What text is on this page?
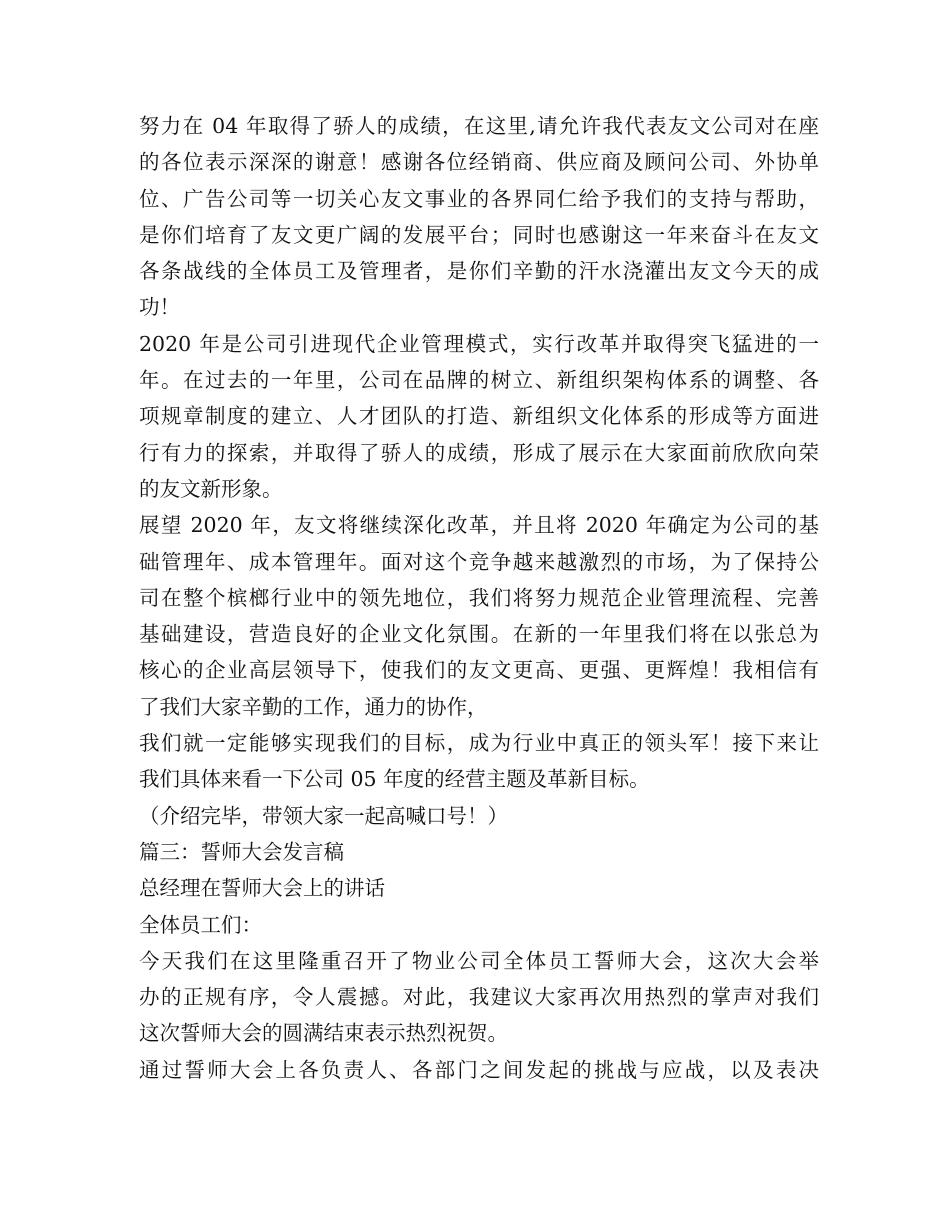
努力在 04 年取得了骄人的成绩，在这里,请允许我代表友文公司对在座
的各位表示深深的谢意！感谢各位经销商、供应商及顾问公司、外协单
位、广告公司等一切关心友文事业的各界同仁给予我们的支持与帮助，
是你们培育了友文更广阔的发展平台；同时也感谢这一年来奋斗在友文
各条战线的全体员工及管理者，是你们辛勤的汗水浇灌出友文今天的成
功！
2020 年是公司引进现代企业管理模式，实行改革并取得突飞猛进的一
年。在过去的一年里，公司在品牌的树立、新组织架构体系的调整、各
项规章制度的建立、人才团队的打造、新组织文化体系的形成等方面进
行有力的探索，并取得了骄人的成绩，形成了展示在大家面前欣欣向荣
的友文新形象。
展望 2020 年，友文将继续深化改革，并且将 2020 年确定为公司的基
础管理年、成本管理年。面对这个竞争越来越激烈的市场，为了保持公
司在整个槟榔行业中的领先地位，我们将努力规范企业管理流程、完善
基础建设，营造良好的企业文化氛围。在新的一年里我们将在以张总为
核心的企业高层领导下，使我们的友文更高、更强、更辉煌！我相信有
了我们大家辛勤的工作，通力的协作，
我们就一定能够实现我们的目标，成为行业中真正的领头军！接下来让
我们具体来看一下公司 05 年度的经营主题及革新目标。
（介绍完毕，带领大家一起高喊口号！）
篇三：誓师大会发言稿
总经理在誓师大会上的讲话
全体员工们：
今天我们在这里隆重召开了物业公司全体员工誓师大会，这次大会举
办的正规有序，令人震撼。对此，我建议大家再次用热烈的掌声对我们
这次誓师大会的圆满结束表示热烈祝贺。
通过誓师大会上各负责人、各部门之间发起的挑战与应战，以及表决
